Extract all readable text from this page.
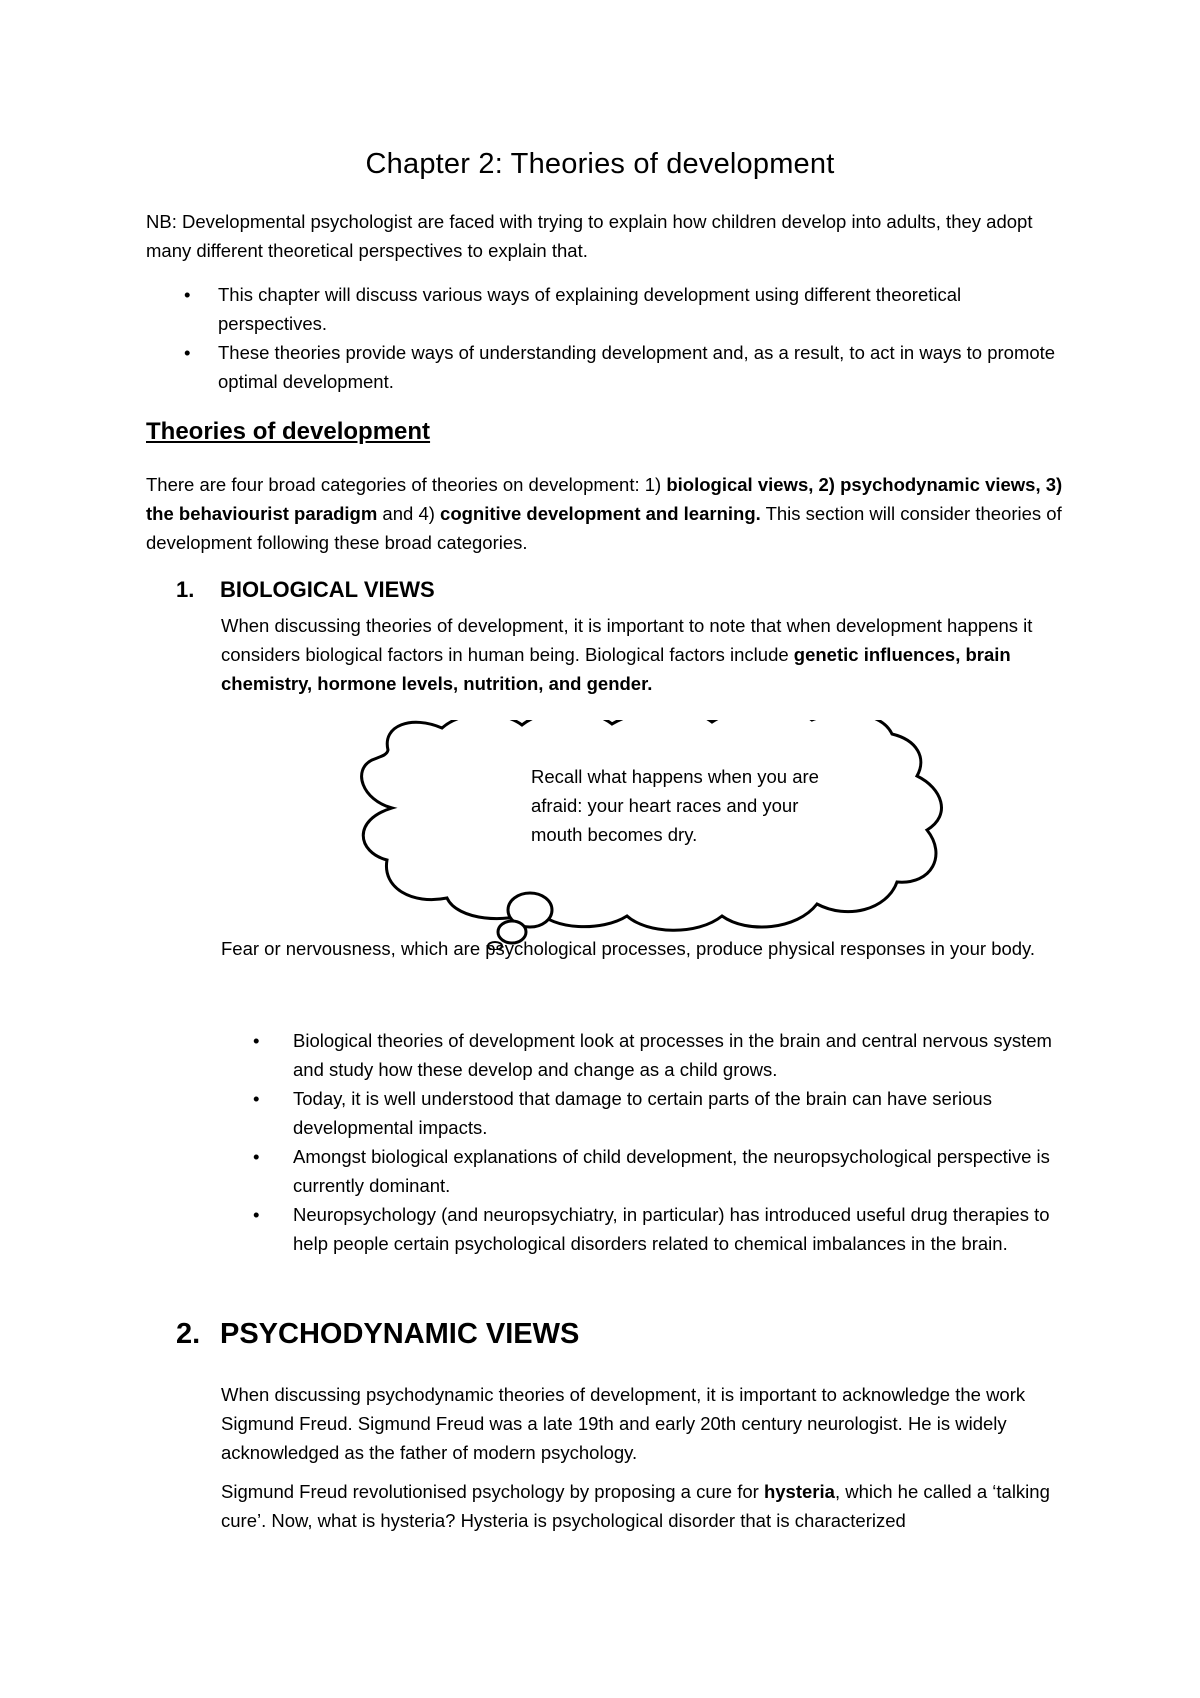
Chapter 2: Theories of development

NB: Developmental psychologist are faced with trying to explain how children develop into adults, they adopt many different theoretical perspectives to explain that.

• This chapter will discuss various ways of explaining development using different theoretical perspectives.
• These theories provide ways of understanding development and, as a result, to act in ways to promote optimal development.
Theories of development

There are four broad categories of theories on development: 1) biological views, 2) psychodynamic views, 3) the behaviourist paradigm and 4) cognitive development and learning. This section will consider theories of development following these broad categories.

1. BIOLOGICAL VIEWS

When discussing theories of development, it is important to note that when development happens it considers biological factors in human being. Biological factors include genetic influences, brain chemistry, hormone levels, nutrition, and gender.

Recall what happens when you are afraid: your heart races and your mouth becomes dry.

Fear or nervousness, which are psychological processes, produce physical responses in your body.

• Biological theories of development look at processes in the brain and central nervous system and study how these develop and change as a child grows.
• Today, it is well understood that damage to certain parts of the brain can have serious developmental impacts.
• Amongst biological explanations of child development, the neuropsychological perspective is currently dominant.
• Neuropsychology (and neuropsychiatry, in particular) has introduced useful drug therapies to help people certain psychological disorders related to chemical imbalances in the brain.
2. PSYCHODYNAMIC VIEWS

When discussing psychodynamic theories of development, it is important to acknowledge the work Sigmund Freud. Sigmund Freud was a late 19th and early 20th century neurologist. He is widely acknowledged as the father of modern psychology.

Sigmund Freud revolutionised psychology by proposing a cure for hysteria, which he called a ‘talking cure’. Now, what is hysteria? Hysteria is psychological disorder that is characterized
